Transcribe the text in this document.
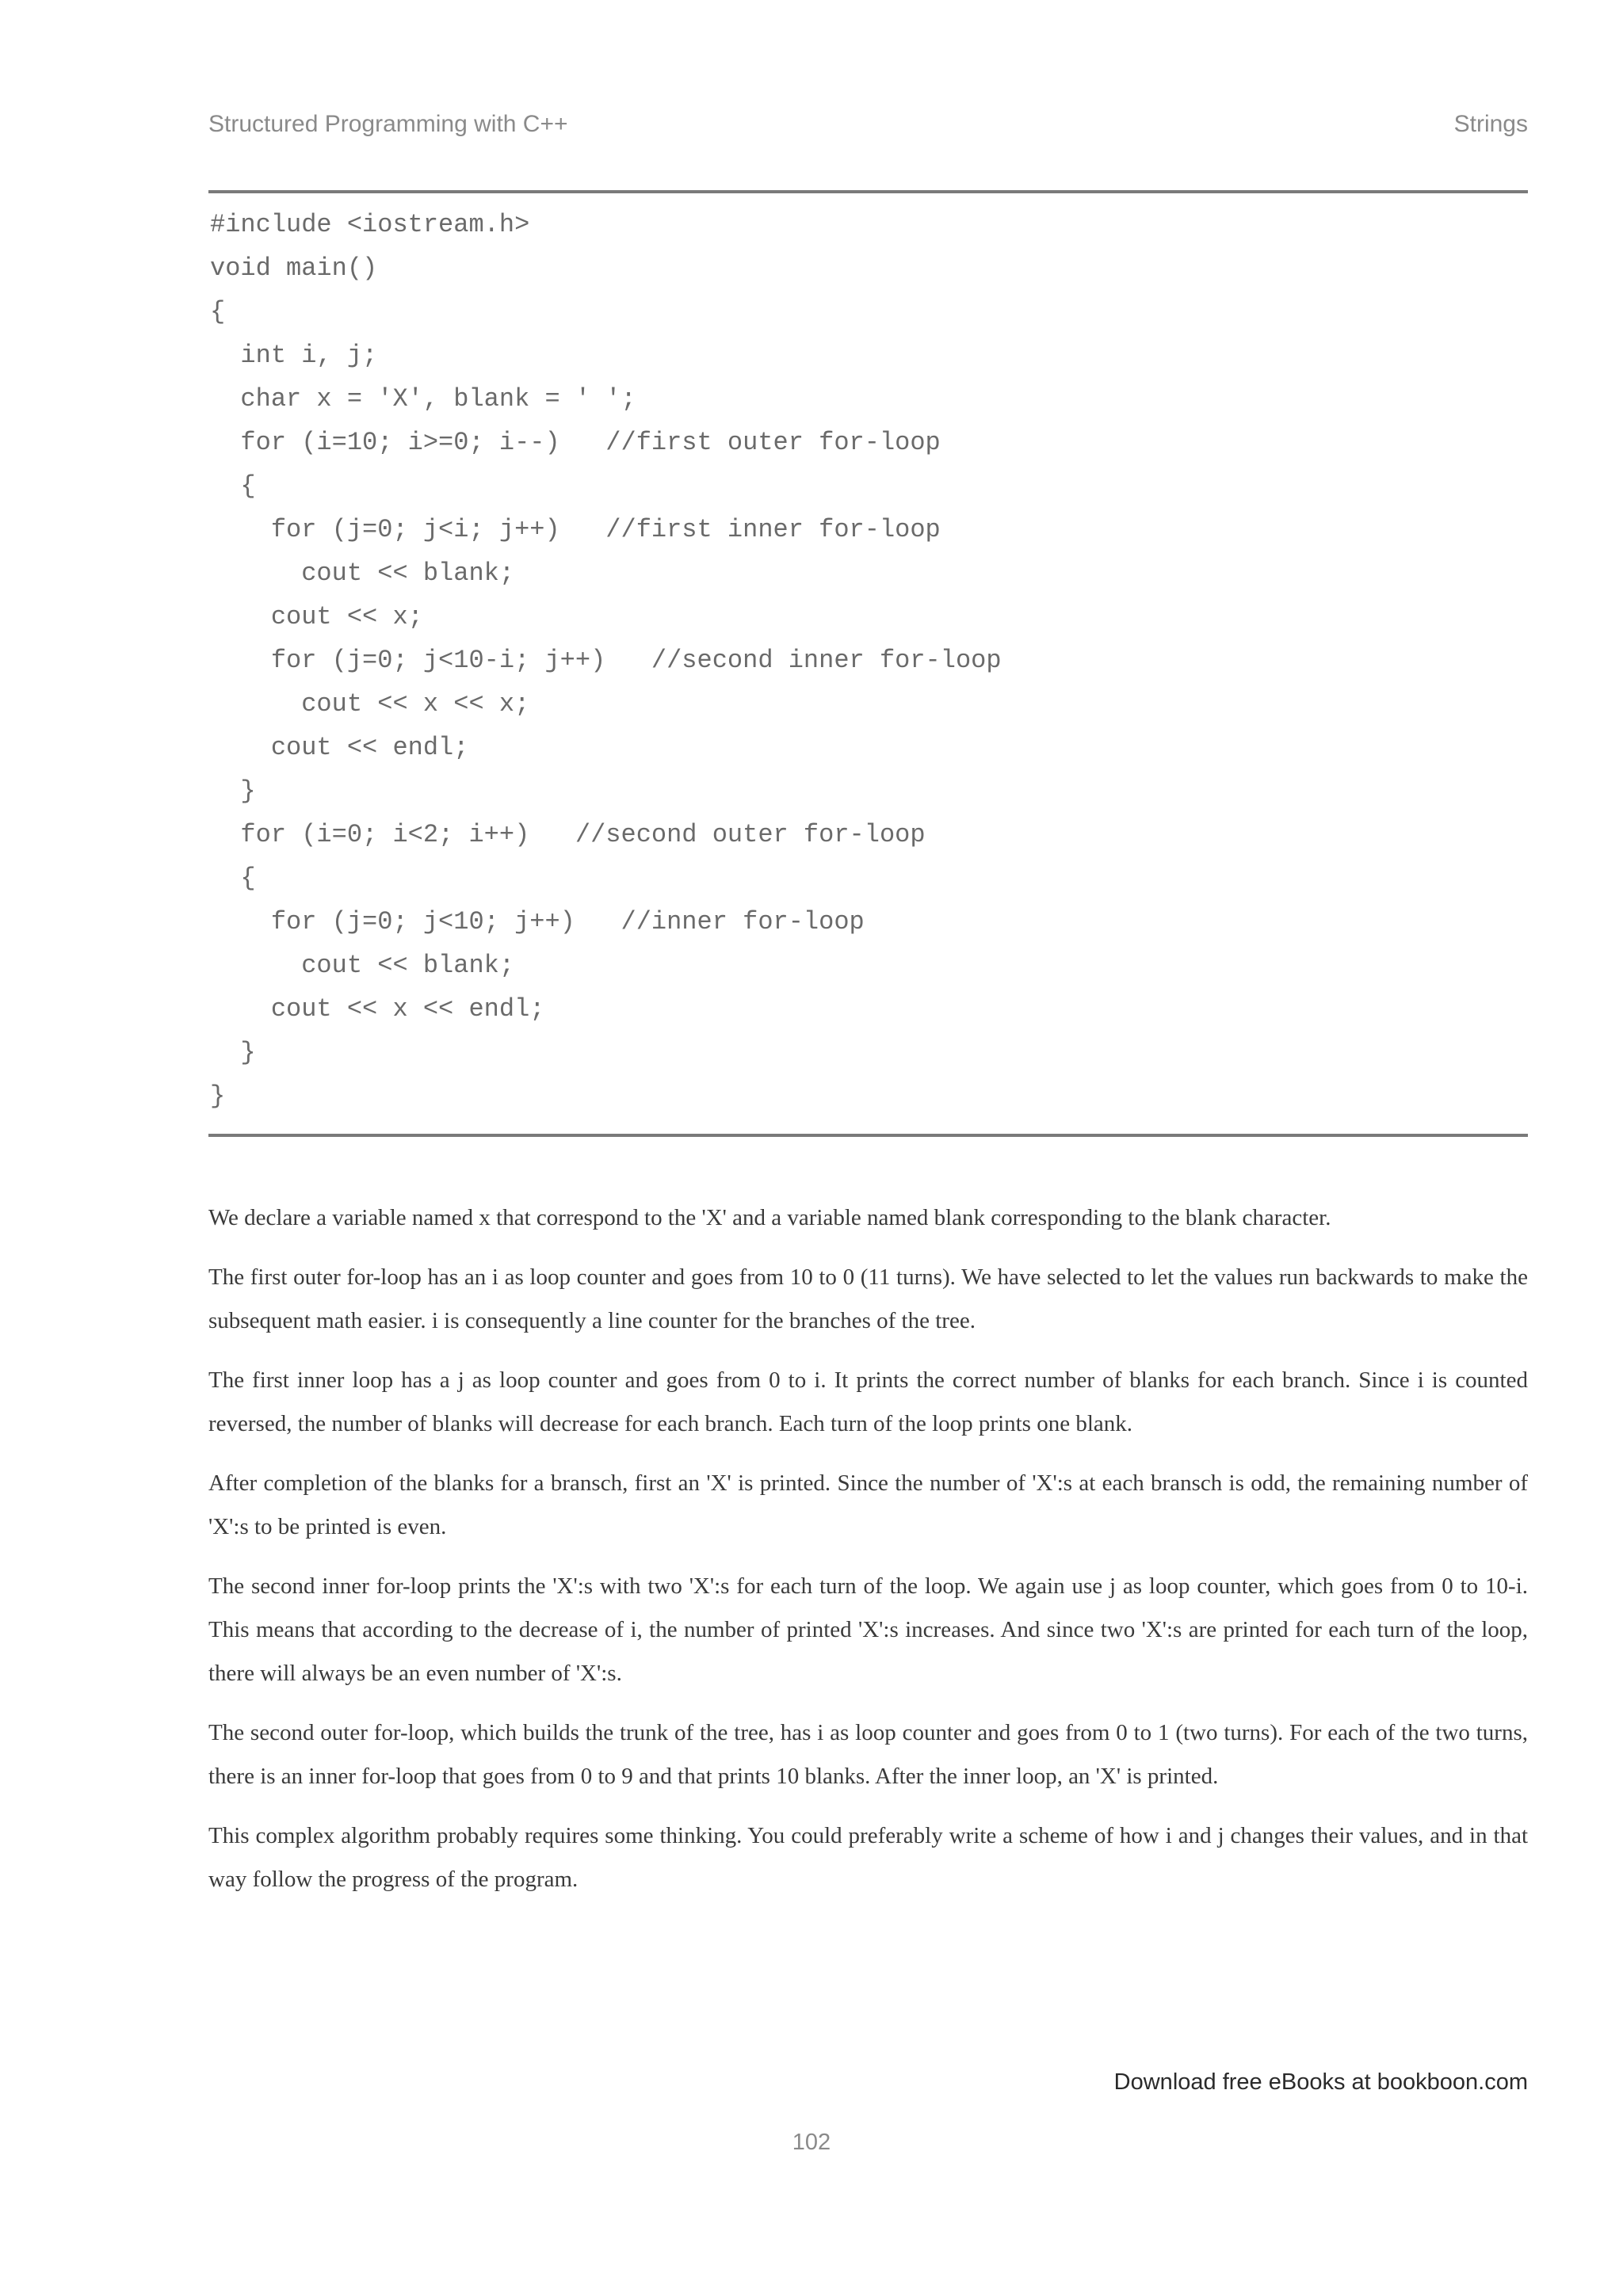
Structured Programming with C++	Strings
#include <iostream.h>
void main()
{
int i, j;
char x = 'X', blank = ' ';
for (i=10; i>=0; i--)   //first outer for-loop
{
for (j=0; j<i; j++)   //first inner for-loop
cout << blank;
cout << x;
for (j=0; j<10-i; j++)   //second inner for-loop
cout << x << x;
cout << endl;
}
for (i=0; i<2; i++)   //second outer for-loop
{
for (j=0; j<10; j++)   //inner for-loop
cout << blank;
cout << x << endl;
}
}

We declare a variable named x that correspond to the 'X' and a variable named blank corresponding to the blank character.

The first outer for-loop has an i as loop counter and goes from 10 to 0 (11 turns). We have selected to let the values run backwards to make the subsequent math easier. i is consequently a line counter for the branches of the tree.

The first inner loop has a j as loop counter and goes from 0 to i. It prints the correct number of blanks for each branch. Since i is counted reversed, the number of blanks will decrease for each branch. Each turn of the loop prints one blank.

After completion of the blanks for a bransch, first an 'X' is printed. Since the number of 'X':s at each bransch is odd, the remaining number of 'X':s to be printed is even.

The second inner for-loop prints the 'X':s with two 'X':s for each turn of the loop. We again use j as loop counter, which goes from 0 to 10-i. This means that according to the decrease of i, the number of printed 'X':s increases. And since two 'X':s are printed for each turn of the loop, there will always be an even number of 'X':s.

The second outer for-loop, which builds the trunk of the tree, has i as loop counter and goes from 0 to 1 (two turns). For each of the two turns, there is an inner for-loop that goes from 0 to 9 and that prints 10 blanks. After the inner loop, an 'X' is printed.

This complex algorithm probably requires some thinking. You could preferably write a scheme of how i and j changes their values, and in that way follow the progress of the program.

Download free eBooks at bookboon.com
102
